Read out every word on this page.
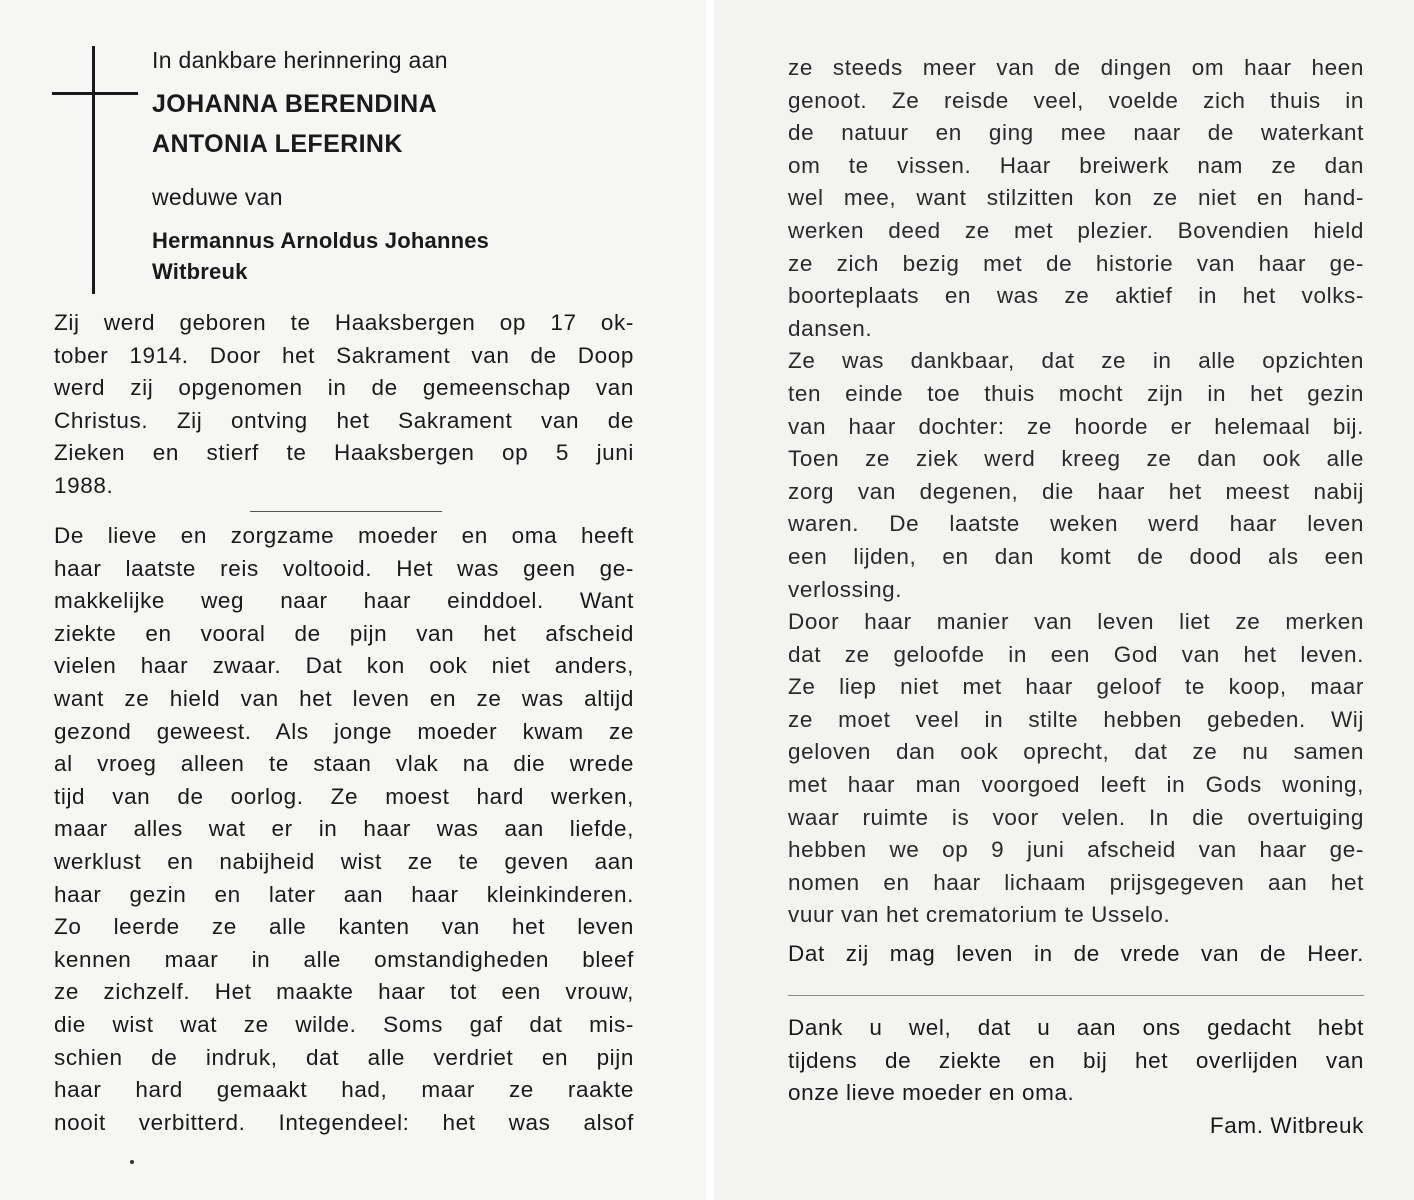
In dankbare herinnering aan
JOHANNA BERENDINA
ANTONIA LEFERINK
weduwe van
Hermannus Arnoldus Johannes
Witbreuk
Zij werd geboren te Haaksbergen op 17 ok-
tober 1914. Door het Sakrament van de Doop
werd zij opgenomen in de gemeenschap van
Christus. Zij ontving het Sakrament van de
Zieken en stierf te Haaksbergen op 5 juni
1988.
De lieve en zorgzame moeder en oma heeft
haar laatste reis voltooid. Het was geen ge-
makkelijke weg naar haar einddoel. Want
ziekte en vooral de pijn van het afscheid
vielen haar zwaar. Dat kon ook niet anders,
want ze hield van het leven en ze was altijd
gezond geweest. Als jonge moeder kwam ze
al vroeg alleen te staan vlak na die wrede
tijd van de oorlog. Ze moest hard werken,
maar alles wat er in haar was aan liefde,
werklust en nabijheid wist ze te geven aan
haar gezin en later aan haar kleinkinderen.
Zo leerde ze alle kanten van het leven
kennen maar in alle omstandigheden bleef
ze zichzelf. Het maakte haar tot een vrouw,
die wist wat ze wilde. Soms gaf dat mis-
schien de indruk, dat alle verdriet en pijn
haar hard gemaakt had, maar ze raakte
nooit verbitterd. Integendeel: het was alsof
ze steeds meer van de dingen om haar heen
genoot. Ze reisde veel, voelde zich thuis in
de natuur en ging mee naar de waterkant
om te vissen. Haar breiwerk nam ze dan
wel mee, want stilzitten kon ze niet en hand-
werken deed ze met plezier. Bovendien hield
ze zich bezig met de historie van haar ge-
boorteplaats en was ze aktief in het volks-
dansen.
Ze was dankbaar, dat ze in alle opzichten
ten einde toe thuis mocht zijn in het gezin
van haar dochter: ze hoorde er helemaal bij.
Toen ze ziek werd kreeg ze dan ook alle
zorg van degenen, die haar het meest nabij
waren. De laatste weken werd haar leven
een lijden, en dan komt de dood als een
verlossing.
Door haar manier van leven liet ze merken
dat ze geloofde in een God van het leven.
Ze liep niet met haar geloof te koop, maar
ze moet veel in stilte hebben gebeden. Wij
geloven dan ook oprecht, dat ze nu samen
met haar man voorgoed leeft in Gods woning,
waar ruimte is voor velen. In die overtuiging
hebben we op 9 juni afscheid van haar ge-
nomen en haar lichaam prijsgegeven aan het
vuur van het crematorium te Usselo.
Dat zij mag leven in de vrede van de Heer.
Dank u wel, dat u aan ons gedacht hebt
tijdens de ziekte en bij het overlijden van
onze lieve moeder en oma.
Fam. Witbreuk
